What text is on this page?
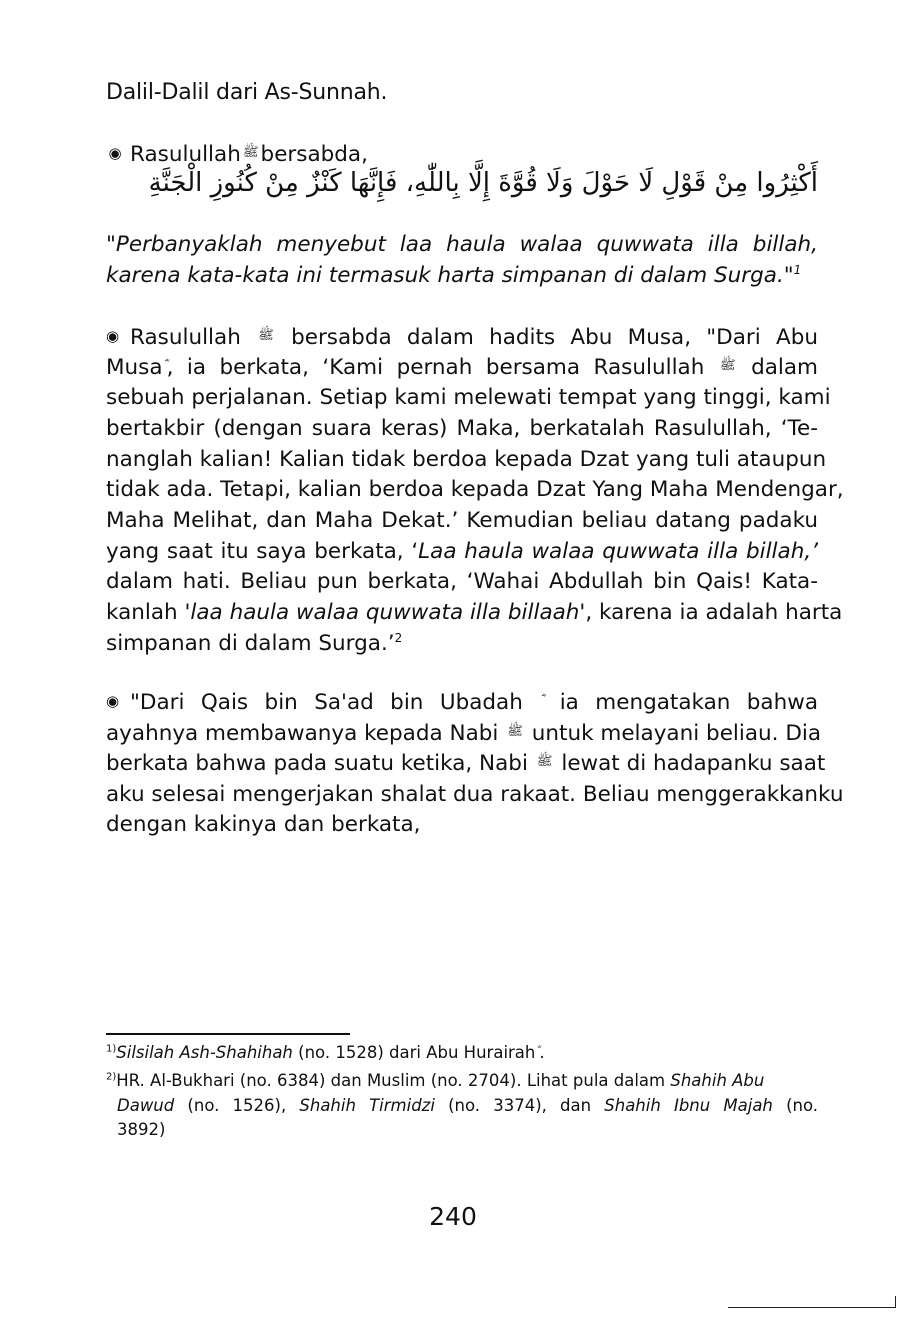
Dalil-Dalil dari As-Sunnah.
◉ Rasulullah ﷺbersabda,
أَكْثِرُوا مِنْ قَوْلِ لَا حَوْلَ وَلَا قُوَّةَ إِلَّا بِاللّٰهِ، فَإِنَّهَا كَنْزٌ مِنْ كُنُوزِ الْجَنَّةِ
"Perbanyaklah menyebut laa haula walaa quwwata illa billah,
karena kata-kata ini termasuk harta simpanan di dalam Surga."$^1$
◉ Rasulullah ﷺ bersabda dalam hadits Abu Musa, "Dari Abu
Musa , ia berkata, ‘Kami pernah bersama Rasulullah ﷺ dalam
sebuah perjalanan. Setiap kami melewati tempat yang tinggi, kami
bertakbir (dengan suara keras) Maka, berkatalah Rasulullah, ‘Te-
nanglah kalian! Kalian tidak berdoa kepada Dzat yang tuli ataupun
tidak ada. Tetapi, kalian berdoa kepada Dzat Yang Maha Mendengar,
Maha Melihat, dan Maha Dekat.’ Kemudian beliau datang padaku
yang saat itu saya berkata, ‘Laa haula walaa quwwata illa billah,’
dalam hati. Beliau pun berkata, ‘Wahai Abdullah bin Qais! Kata-
kanlah 'laa haula walaa quwwata illa billaah', karena ia adalah harta
simpanan di dalam Surga.’$^2$
◉ "Dari Qais bin Sa'ad bin Ubadah ia mengatakan bahwa
ayahnya membawanya kepada Nabi ﷺ untuk melayani beliau. Dia
berkata bahwa pada suatu ketika, Nabi ﷺ lewat di hadapanku saat
aku selesai mengerjakan shalat dua rakaat. Beliau menggerakkanku
dengan kakinya dan berkata,
$^{1)}$Silsilah Ash-Shahihah (no. 1528) dari Abu Hurairah .
$^{2)}$HR. Al-Bukhari (no. 6384) dan Muslim (no. 2704). Lihat pula dalam Shahih Abu
Dawud (no. 1526), Shahih Tirmidzi (no. 3374), dan Shahih Ibnu Majah (no.
3892)
240
